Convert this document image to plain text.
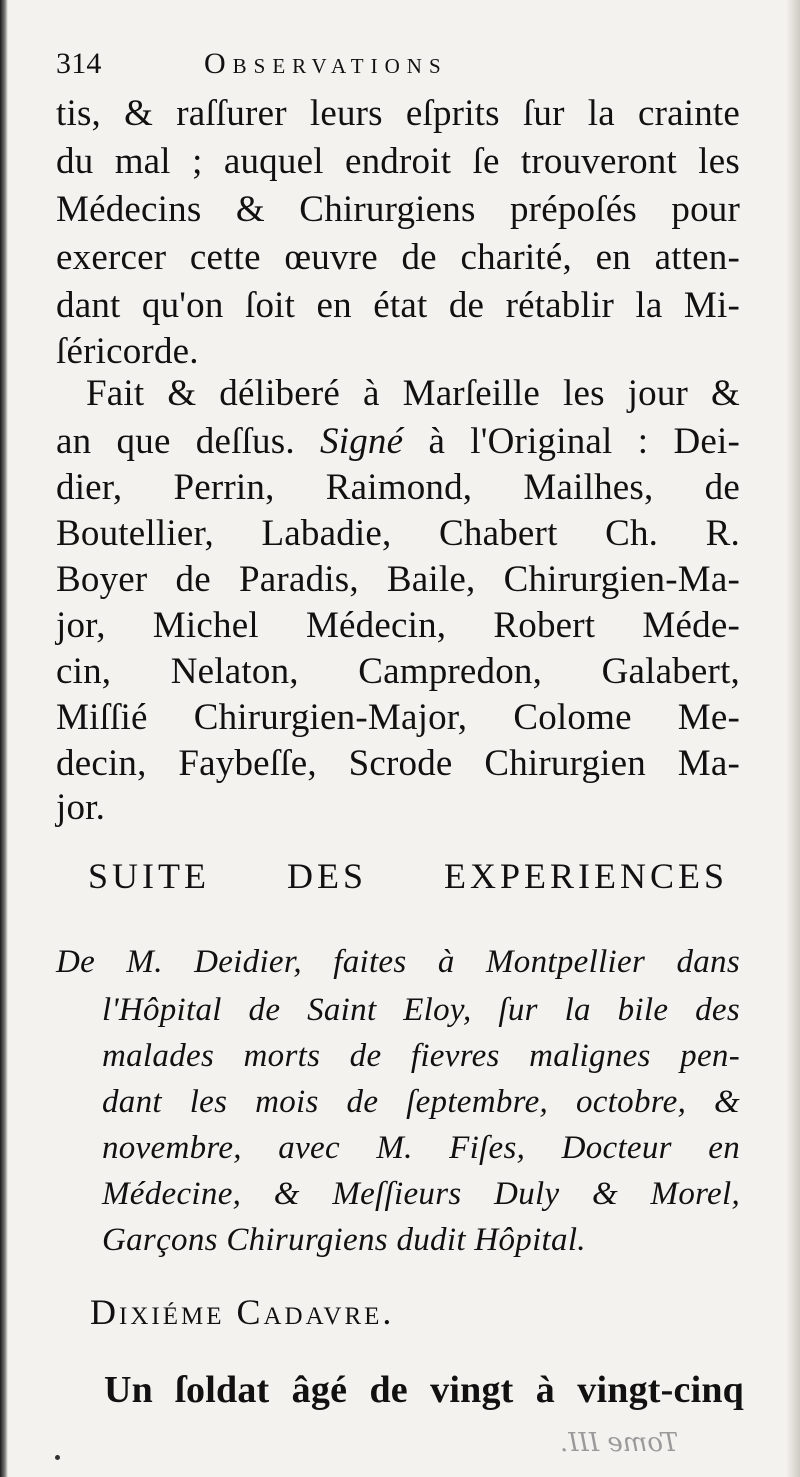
314	Observations
tis, & raſſurer leurs eſprits ſur la crainte
du mal ; auquel endroit ſe trouveront les
Médecins & Chirurgiens prépoſés pour
exercer cette œuvre de charité, en atten-
dant qu'on ſoit en état de rétablir la Mi-
ſéricorde.
Fait & déliberé à Marſeille les jour &
an que deſſus. Signé à l'Original : Dei-
dier, Perrin, Raimond, Mailhes, de
Boutellier, Labadie, Chabert Ch. R.
Boyer de Paradis, Baile, Chirurgien-Ma-
jor, Michel Médecin, Robert Méde-
cin, Nelaton, Campredon, Galabert,
Miſſié Chirurgien-Major, Colome Me-
decin, Faybeſſe, Scrode Chirurgien Ma-
jor.
SUITE DES EXPERIENCES
De M. Deidier, faites à Montpellier dans
l'Hôpital de Saint Eloy, ſur la bile des
malades morts de fievres malignes pen-
dant les mois de ſeptembre, octobre, &
novembre, avec M. Fiſes, Docteur en
Médecine, & Meſſieurs Duly & Morel,
Garçons Chirurgiens dudit Hôpital.
Dixiéme Cadavre.
Un ſoldat âgé de vingt à vingt-cinq
Tome III.
